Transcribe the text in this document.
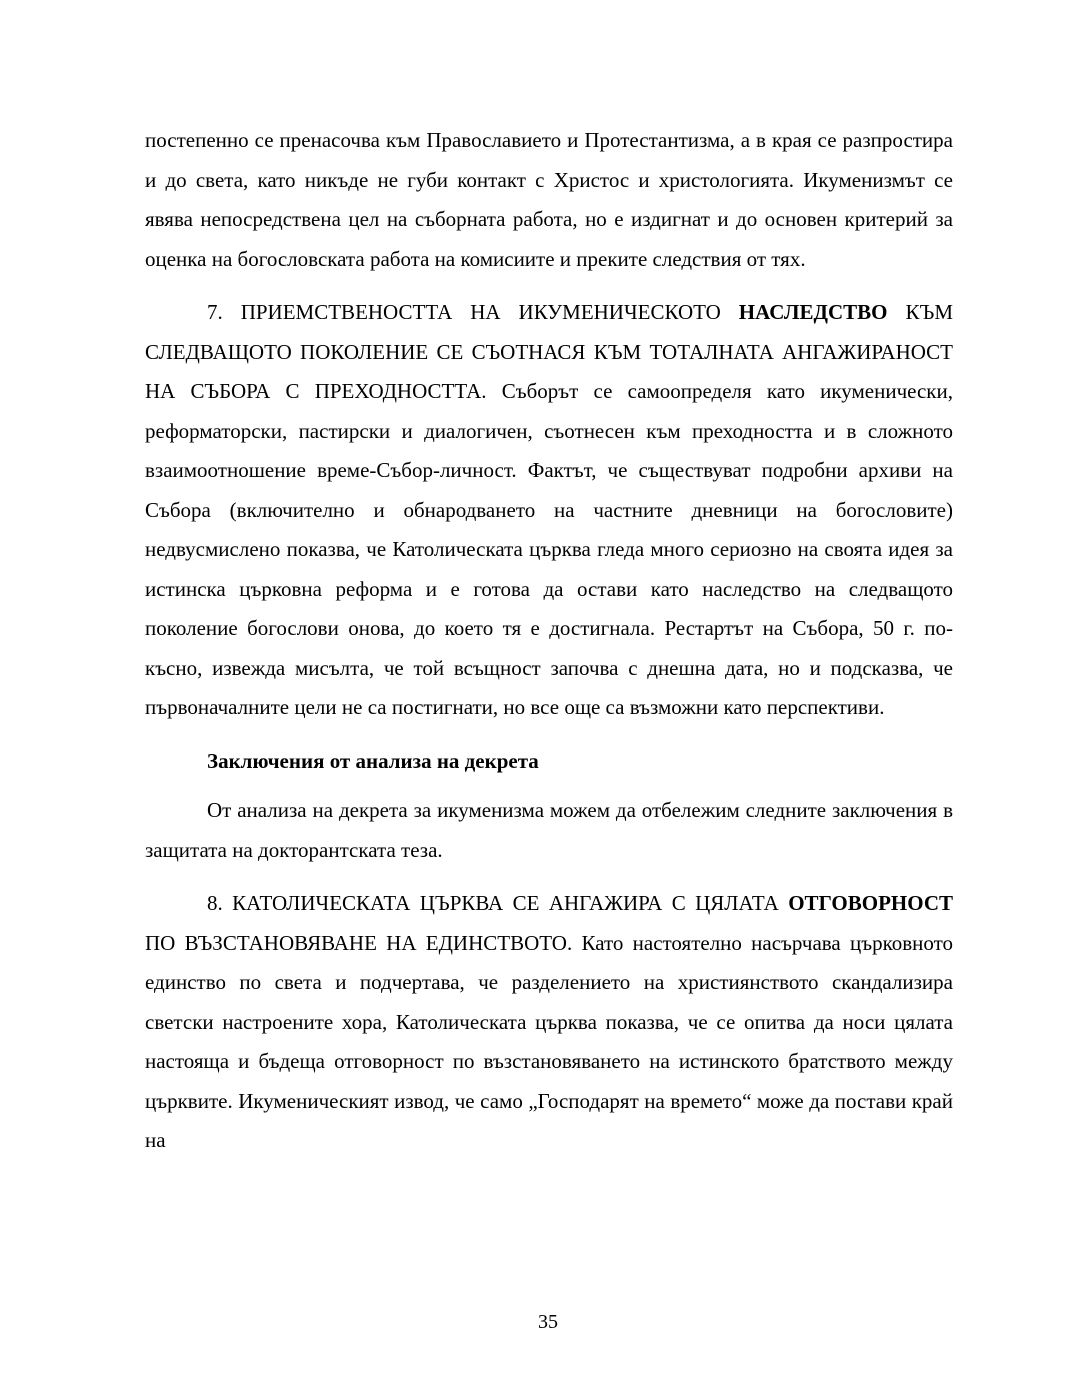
постепенно се пренасочва към Православието и Протестантизма, а в края се разпростира и до света, като никъде не губи контакт с Христос и христологията. Икуменизмът се явява непосредствена цел на съборната работа, но е издигнат и до основен критерий за оценка на богословската работа на комисиите и преките следствия от тях.

7. ПРИЕМСТВЕНОСТТА НА ИКУМЕНИЧЕСКОТО НАСЛЕДСТВО КЪМ СЛЕДВАЩОТО ПОКОЛЕНИЕ СЕ СЪОТНАСЯ КЪМ ТОТАЛНАТА АНГАЖИРАНОСТ НА СЪБОРА С ПРЕХОДНОСТТА. Съборът се самоопределя като икуменически, реформаторски, пастирски и диалогичен, съотнесен към преходността и в сложното взаимоотношение време-Събор-личност. Фактът, че съществуват подробни архиви на Събора (включително и обнародването на частните дневници на богословите) недвусмислено показва, че Католическата църква гледа много сериозно на своята идея за истинска църковна реформа и е готова да остави като наследство на следващото поколение богослови онова, до което тя е достигнала. Рестартът на Събора, 50 г. по-късно, извежда мисълта, че той всъщност започва с днешна дата, но и подсказва, че първоначалните цели не са постигнати, но все още са възможни като перспективи.

Заключения от анализа на декрета

От анализа на декрета за икуменизма можем да отбележим следните заключения в защитата на докторантската теза.

8. КАТОЛИЧЕСКАТА ЦЪРКВА СЕ АНГАЖИРА С ЦЯЛАТА ОТГОВОРНОСТ ПО ВЪЗСТАНОВЯВАНЕ НА ЕДИНСТВОТО. Като настоятелно насърчава църковното единство по света и подчертава, че разделението на християнството скандализира светски настроените хора, Католическата църква показва, че се опитва да носи цялата настояща и бъдеща отговорност по възстановяването на истинското братството между църквите. Икуменическият извод, че само „Господарят на времето“ може да постави край на

35
